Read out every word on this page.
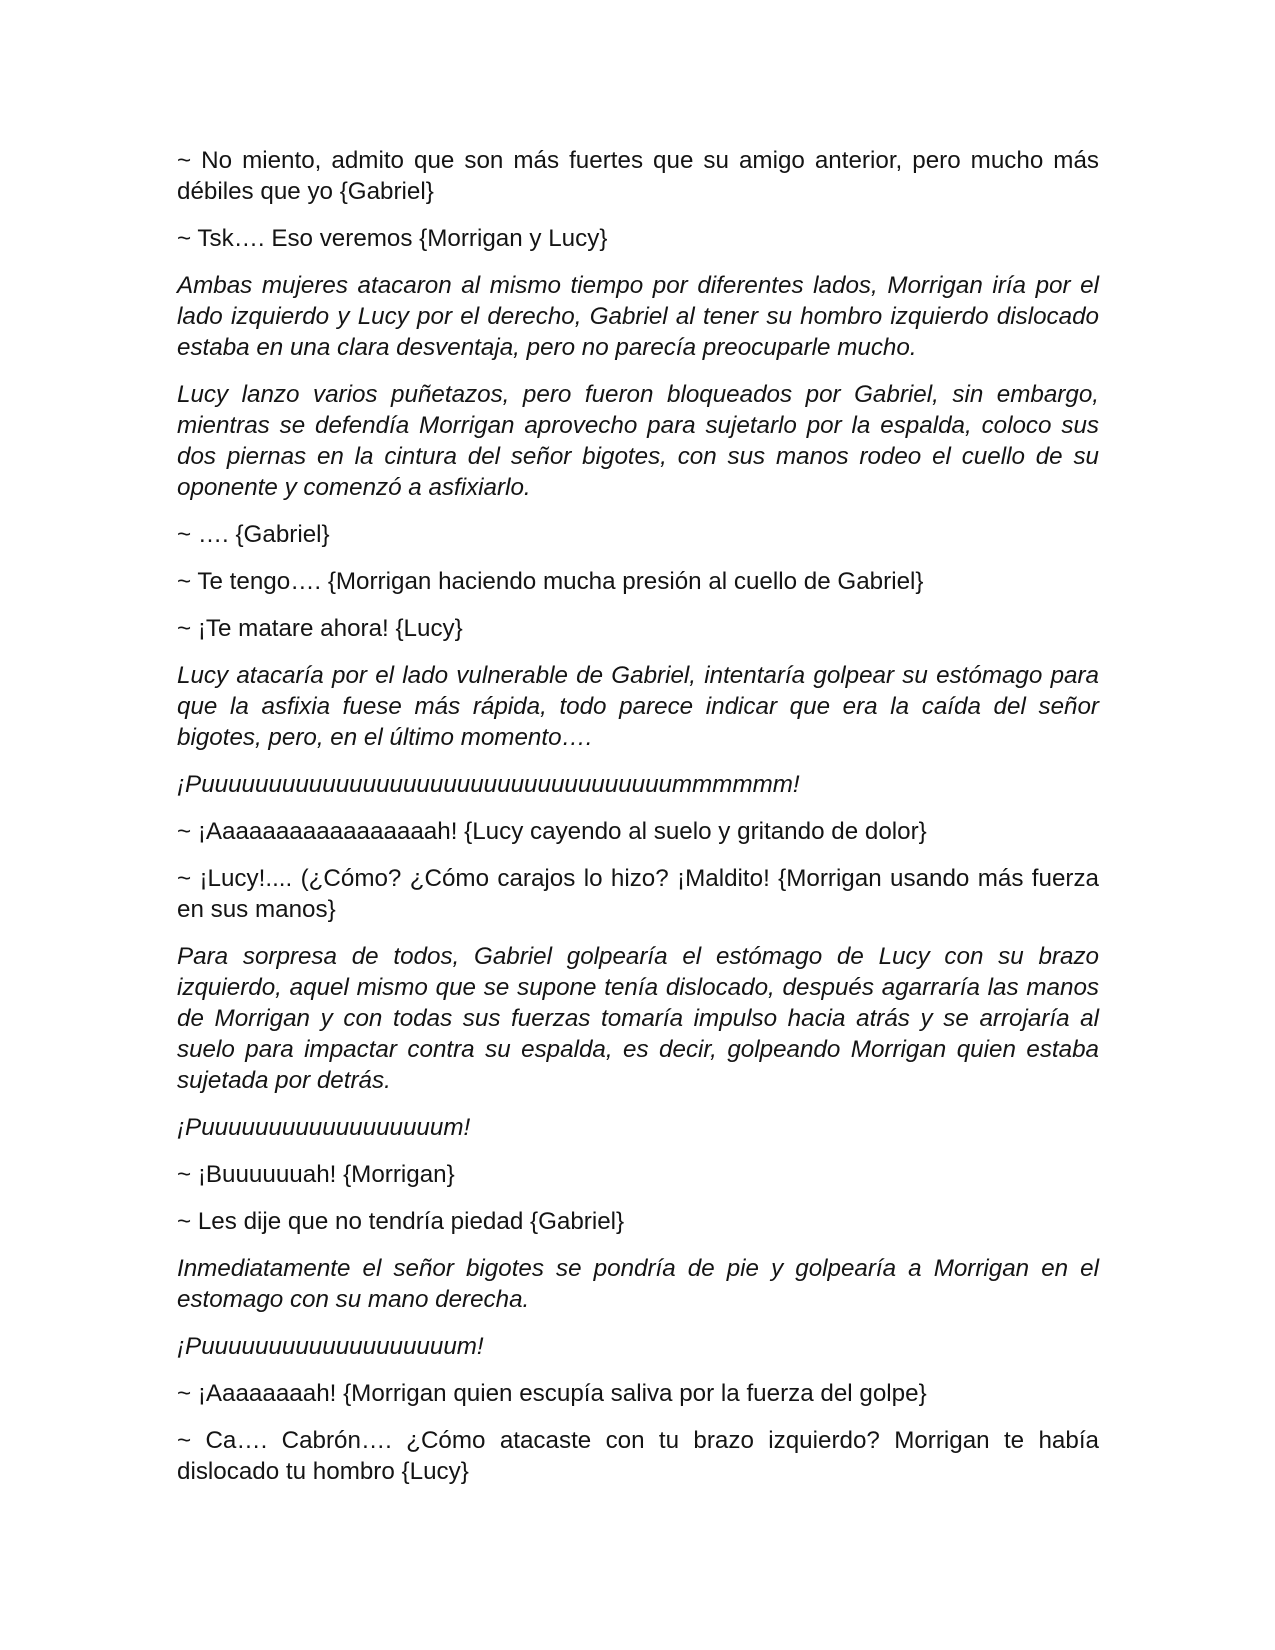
~ No miento, admito que son más fuertes que su amigo anterior, pero mucho más débiles que yo {Gabriel}

~ Tsk…. Eso veremos {Morrigan y Lucy}

Ambas mujeres atacaron al mismo tiempo por diferentes lados, Morrigan iría por el lado izquierdo y Lucy por el derecho, Gabriel al tener su hombro izquierdo dislocado estaba en una clara desventaja, pero no parecía preocuparle mucho.

Lucy lanzo varios puñetazos, pero fueron bloqueados por Gabriel, sin embargo, mientras se defendía Morrigan aprovecho para sujetarlo por la espalda, coloco sus dos piernas en la cintura del señor bigotes, con sus manos rodeo el cuello de su oponente y comenzó a asfixiarlo.

~ …. {Gabriel}

~ Te tengo…. {Morrigan haciendo mucha presión al cuello de Gabriel}

~ ¡Te matare ahora! {Lucy}

Lucy atacaría por el lado vulnerable de Gabriel, intentaría golpear su estómago para que la asfixia fuese más rápida, todo parece indicar que era la caída del señor bigotes, pero, en el último momento….

¡Puuuuuuuuuuuuuuuuuuuuuuuuuuuuuuuuuuummmmmm!

~ ¡Aaaaaaaaaaaaaaaaah! {Lucy cayendo al suelo y gritando de dolor}

~ ¡Lucy!.... (¿Cómo? ¿Cómo carajos lo hizo? ¡Maldito! {Morrigan usando más fuerza en sus manos}

Para sorpresa de todos, Gabriel golpearía el estómago de Lucy con su brazo izquierdo, aquel mismo que se supone tenía dislocado, después agarraría las manos de Morrigan y con todas sus fuerzas tomaría impulso hacia atrás y se arrojaría al suelo para impactar contra su espalda, es decir, golpeando Morrigan quien estaba sujetada por detrás.

¡Puuuuuuuuuuuuuuuuuum!

~ ¡Buuuuuuah! {Morrigan}

~ Les dije que no tendría piedad {Gabriel}

Inmediatamente el señor bigotes se pondría de pie y golpearía a Morrigan en el estomago con su mano derecha.

¡Puuuuuuuuuuuuuuuuuuum!

~ ¡Aaaaaaaah! {Morrigan quien escupía saliva por la fuerza del golpe}

~ Ca…. Cabrón…. ¿Cómo atacaste con tu brazo izquierdo? Morrigan te había dislocado tu hombro {Lucy}
